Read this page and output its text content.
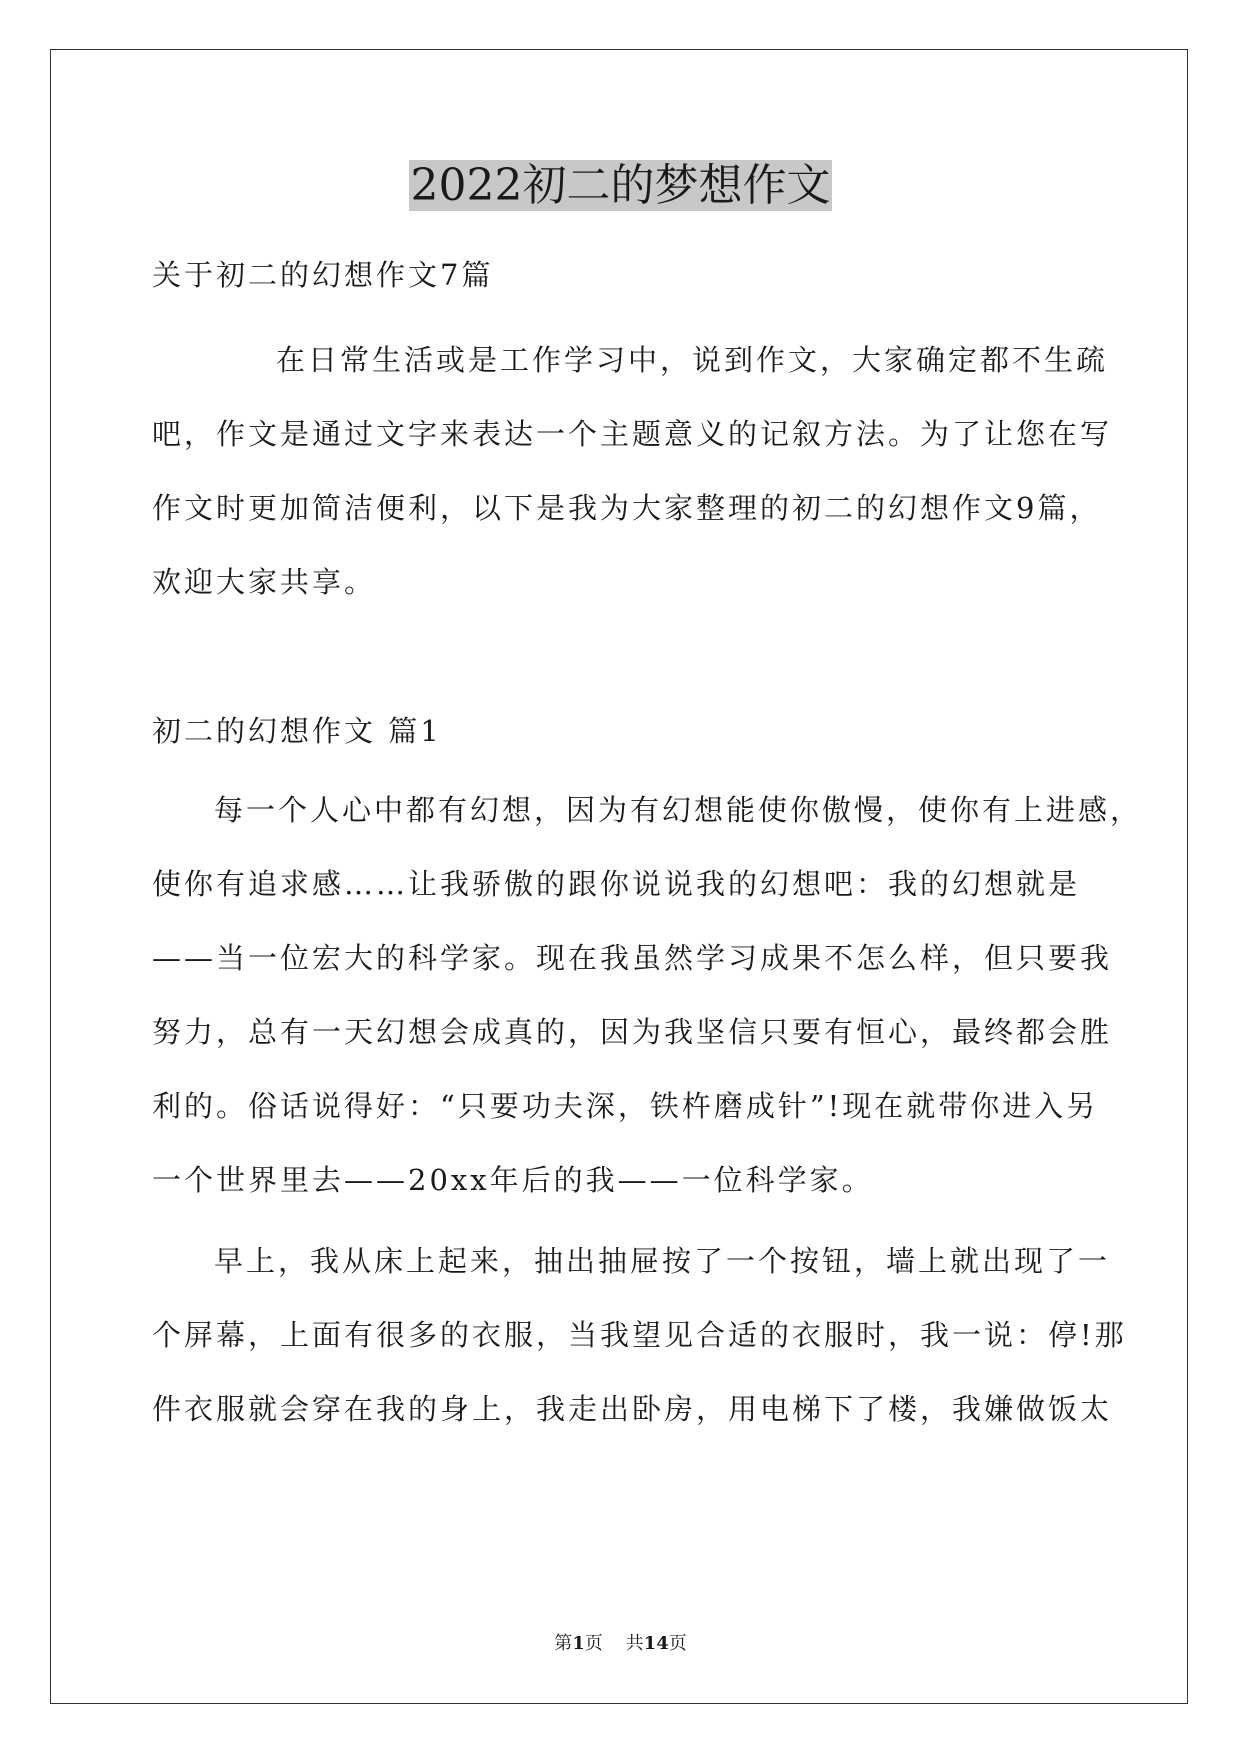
2022初二的梦想作文
关于初二的幻想作文7篇
在日常生活或是工作学习中，说到作文，大家确定都不生疏
吧，作文是通过文字来表达一个主题意义的记叙方法。为了让您在写
作文时更加简洁便利，以下是我为大家整理的初二的幻想作文9篇，
欢迎大家共享。
初二的幻想作文 篇1
每一个人心中都有幻想，因为有幻想能使你傲慢，使你有上进感，
使你有追求感……让我骄傲的跟你说说我的幻想吧：我的幻想就是
——当一位宏大的科学家。现在我虽然学习成果不怎么样，但只要我
努力，总有一天幻想会成真的，因为我坚信只要有恒心，最终都会胜
利的。俗话说得好：“只要功夫深，铁杵磨成针”!现在就带你进入另
一个世界里去——20xx年后的我——一位科学家。
早上，我从床上起来，抽出抽屉按了一个按钮，墙上就出现了一
个屏幕，上面有很多的衣服，当我望见合适的衣服时，我一说：停!那
件衣服就会穿在我的身上，我走出卧房，用电梯下了楼，我嫌做饭太
第1页 共14页
